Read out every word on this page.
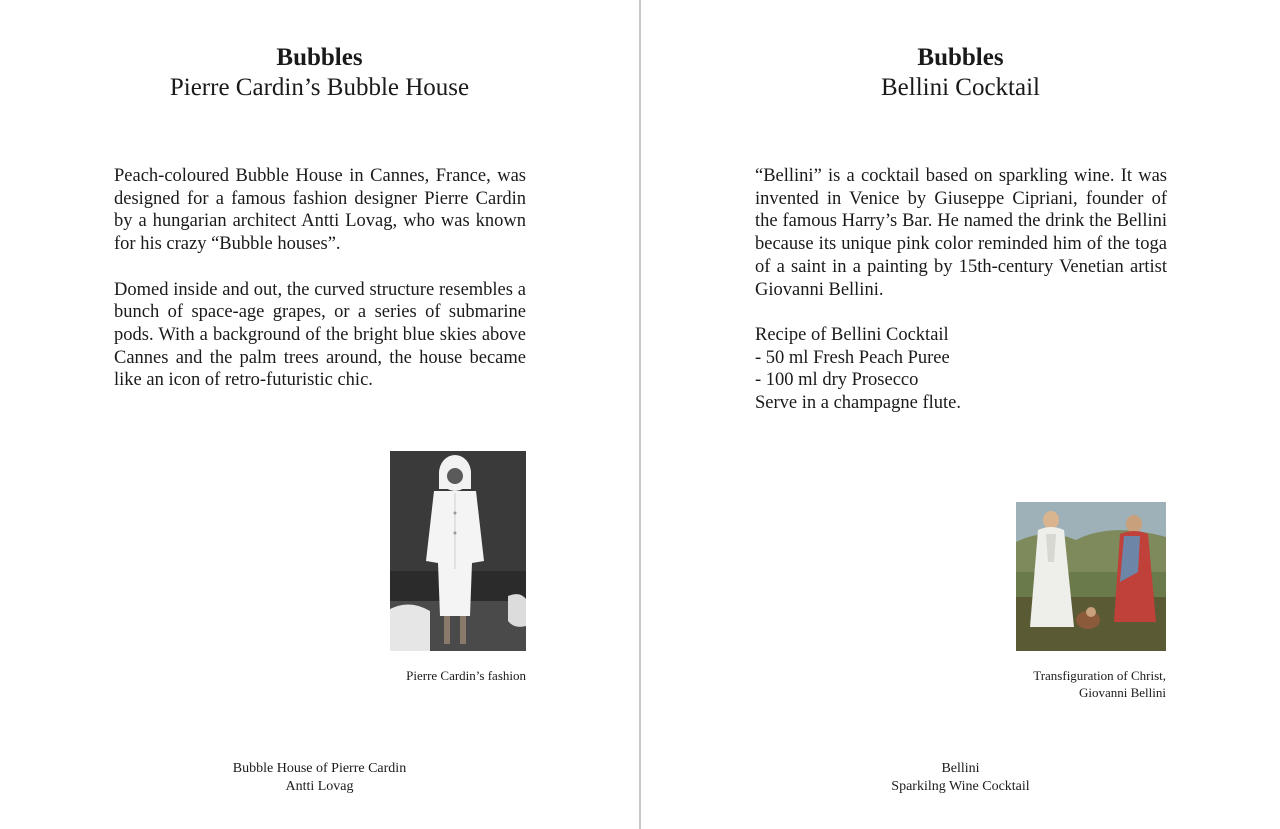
Bubbles
Pierre Cardin’s Bubble House

Peach-coloured Bubble House in Cannes, France, was designed for a famous fashion designer Pierre Cardin by a hungarian architect Antti Lovag, who was known for his crazy “Bubble houses”.

Domed inside and out, the curved structure resembles a bunch of space-age grapes, or a series of submarine pods. With a background of the bright blue skies above Cannes and the palm trees around, the house became like an icon of retro-futuristic chic.

Pierre Cardin’s fashion
Bubble House of Pierre Cardin
Antti Lovag
Bubbles
Bellini Cocktail

“Bellini” is a cocktail based on sparkling wine. It was invented in Venice by Giuseppe Cipriani, founder of the famous Harry’s Bar. He named the drink the Bellini because its unique pink color reminded him of the toga of a saint in a painting by 15th-century Venetian artist Giovanni Bellini.

Recipe of Bellini Cocktail
- 50 ml Fresh Peach Puree
- 100 ml dry Prosecco
Serve in a champagne flute.

Transfiguration of Christ,
Giovanni Bellini
Bellini
Sparkilng Wine Cocktail
